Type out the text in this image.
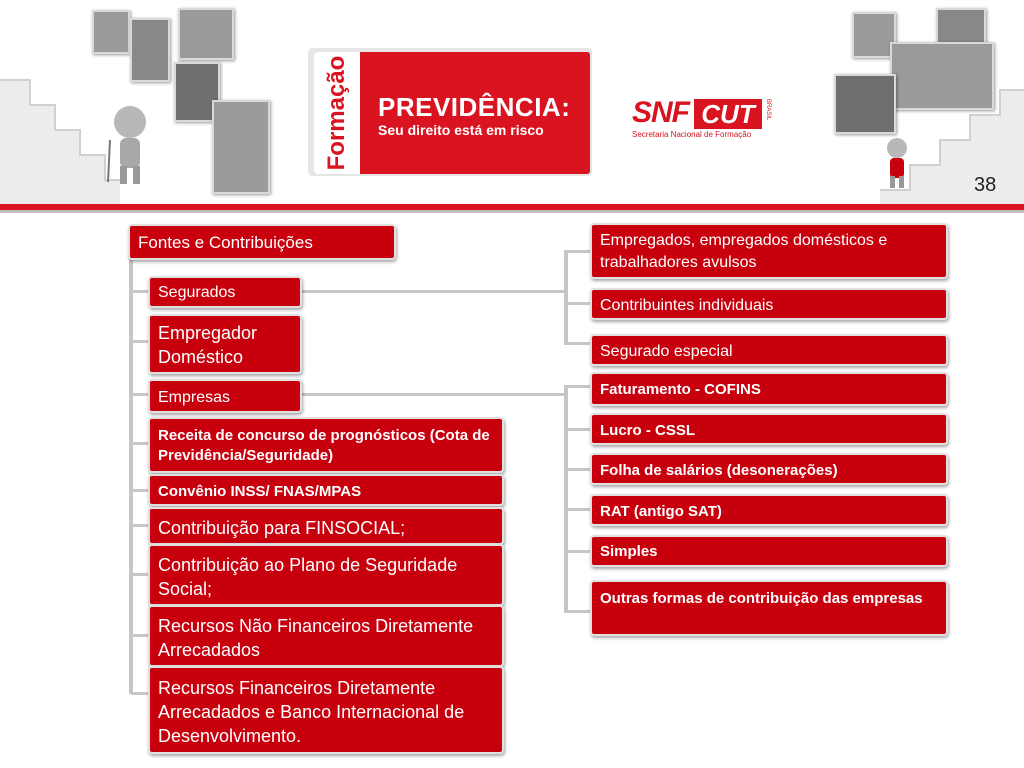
Formação PREVIDÊNCIA:
Seu direito está em risco
SNF CUT	BRASIL
Secretaria Nacional de Formação
38
Fontes e Contribuições
Segurados
Empregador Doméstico
Empresas
Receita de concurso de prognósticos (Cota de Previdência/Seguridade)
Convênio INSS/ FNAS/MPAS
Contribuição para FINSOCIAL;
Contribuição ao Plano de Seguridade Social;
Recursos Não Financeiros Diretamente Arrecadados
Recursos Financeiros Diretamente Arrecadados e Banco Internacional de Desenvolvimento.
Empregados, empregados domésticos e trabalhadores avulsos
Contribuintes individuais
Segurado especial
Faturamento - COFINS
Lucro - CSSL
Folha de salários (desonerações)
RAT (antigo SAT)
Simples
Outras formas de contribuição das empresas
